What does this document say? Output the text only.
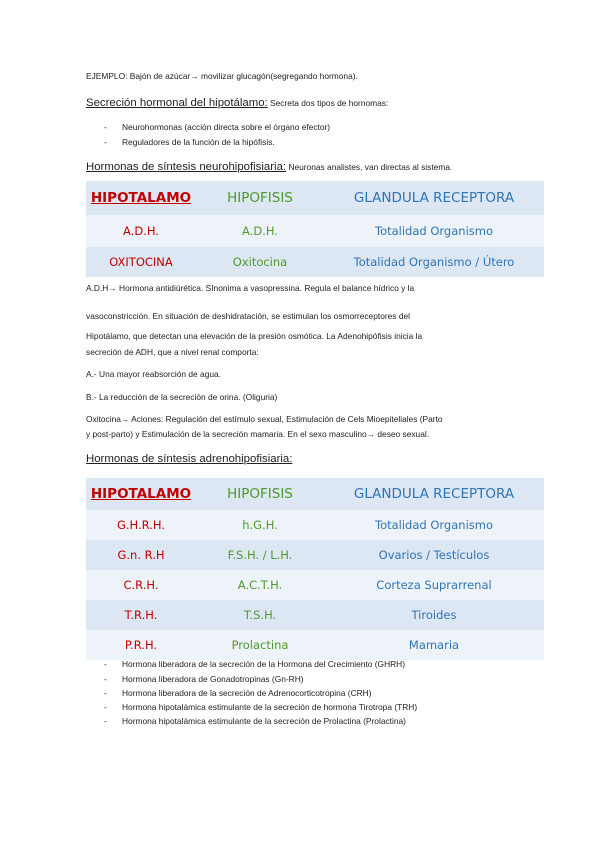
EJEMPLO: Bajón de azúcar→ movilizar glucagón(segregando hormona).

Secreción hormonal del hipotálamo: Secreta dos tipos de hornomas:

- Neurohormonas (acción directa sobre el órgano efector)
- Reguladores de la función de la hipófisis.

Hormonas de síntesis neurohipofisiaria: Neuronas analistes, van directas al sistema.

HIPOTALAMO	HIPOFISIS	GLANDULA RECEPTORA
A.D.H.	A.D.H.	Totalidad Organismo
OXITOCINA	Oxitocina	Totalidad Organismo / Útero

A.D.H→ Hormona antidiürética. SInonima a vasopressina. Regula el balance hídrico y la

vasoconstricción. En situación de deshidratación, se estimulan los osmorreceptores del

Hipotálamo, que detectan una elevación de la presión osmótica. La Adenohipófisis inicia la

secreción de ADH, que a nivel renal comporta:

A.- Una mayor reabsorción de agua.

B.- La reducción de la secreción de orina. (Oliguria)

Oxitocina→ Aciones: Regulación del estímulo sexual, Estimulación de Cels Mioepiteliales (Parto

y post-parto) y Estimulación de la secreción mamaria. En el sexo masculino→ deseo sexual.

Hormonas de síntesis adrenohipofisiaria:

HIPOTALAMO	HIPOFISIS	GLANDULA RECEPTORA
G.H.R.H.	h.G.H.	Totalidad Organismo
G.n. R.H	F.S.H. / L.H.	Ovarios / Testículos
C.R.H.	A.C.T.H.	Corteza Suprarrenal
T.R.H.	T.S.H.	Tiroides
P.R.H.	Prolactina	Mamaria
- Hormona liberadora de la secreción de la Hormona del Crecimiento (GHRH)
- Hormona liberadora de Gonadotropinas (Gn-RH)
- Hormona liberadora de la secreción de Adrenocorticotropina (CRH)
- Hormona hipotalámica estimulante de la secreción de hormona Tirotropa (TRH)
- Hormona hipotalámica estimulante de la secreción de Prolactina (Prolactina)
